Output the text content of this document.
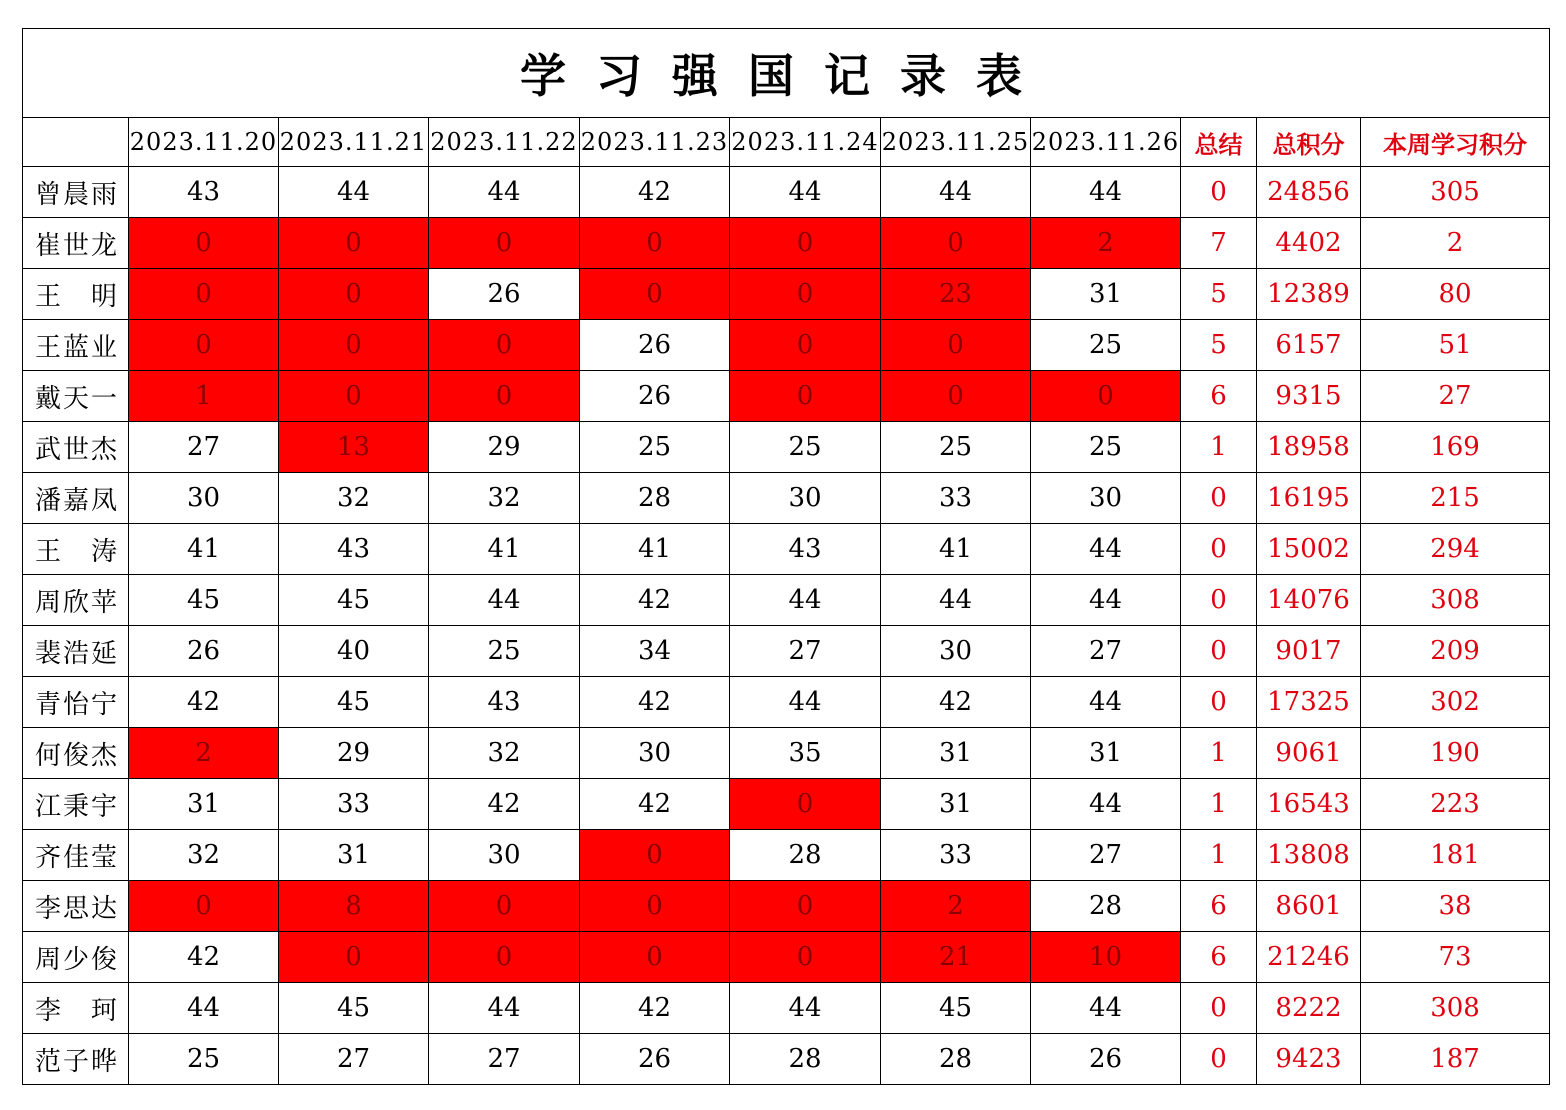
学习强国记录表										
	2023.11.20	2023.11.21	2023.11.22	2023.11.23	2023.11.24	2023.11.25	2023.11.26	总结	总积分	本周学习积分
曾晨雨	43	44	44	42	44	44	44	0	24856	305
崔世龙	0	0	0	0	0	0	2	7	4402	2
王　明	0	0	26	0	0	23	31	5	12389	80
王蓝业	0	0	0	26	0	0	25	5	6157	51
戴天一	1	0	0	26	0	0	0	6	9315	27
武世杰	27	13	29	25	25	25	25	1	18958	169
潘嘉凤	30	32	32	28	30	33	30	0	16195	215
王　涛	41	43	41	41	43	41	44	0	15002	294
周欣苹	45	45	44	42	44	44	44	0	14076	308
裴浩延	26	40	25	34	27	30	27	0	9017	209
青怡宁	42	45	43	42	44	42	44	0	17325	302
何俊杰	2	29	32	30	35	31	31	1	9061	190
江秉宇	31	33	42	42	0	31	44	1	16543	223
齐佳莹	32	31	30	0	28	33	27	1	13808	181
李思达	0	8	0	0	0	2	28	6	8601	38
周少俊	42	0	0	0	0	21	10	6	21246	73
李　珂	44	45	44	42	44	45	44	0	8222	308
范子晔	25	27	27	26	28	28	26	0	9423	187
